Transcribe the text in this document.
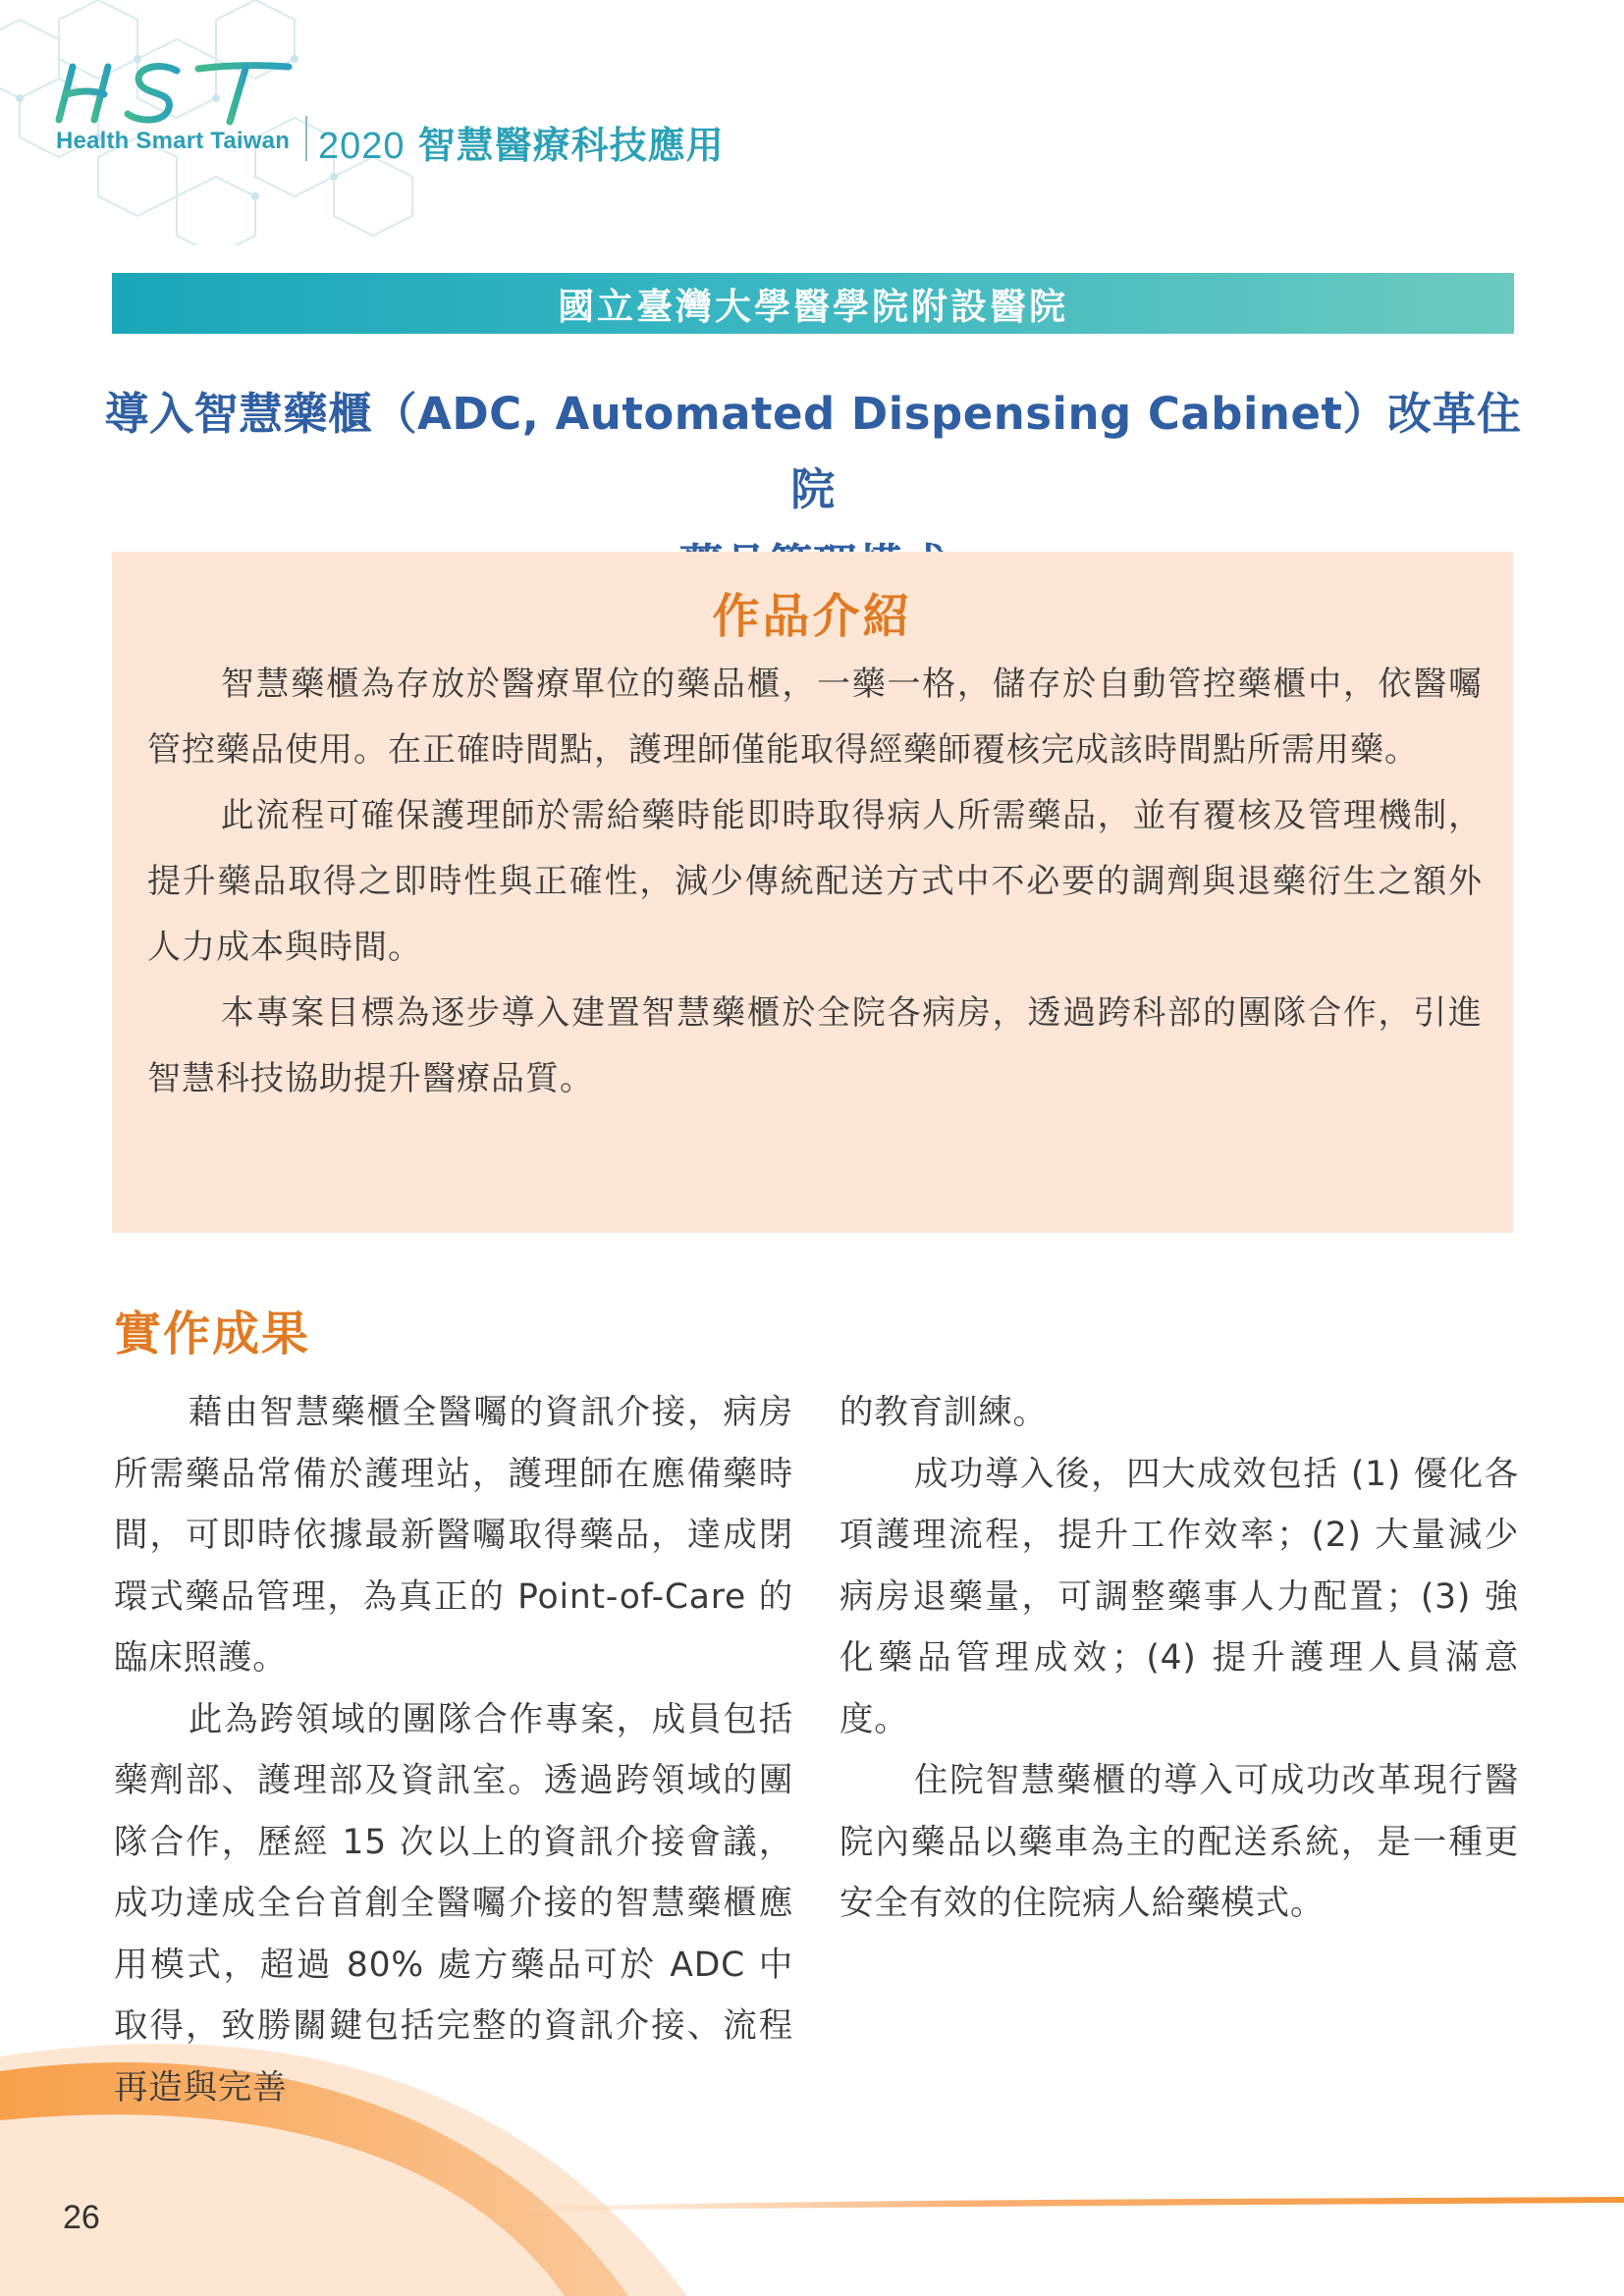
Health Smart Taiwan 2020 智慧醫療科技應用
國立臺灣大學醫學院附設醫院
導入智慧藥櫃（ADC, Automated Dispensing Cabinet）改革住院
作品介紹

智慧藥櫃為存放於醫療單位的藥品櫃，一藥一格，儲存於自動管控藥櫃中，依醫囑管控藥品使用。在正確時間點，護理師僅能取得經藥師覆核完成該時間點所需用藥。

此流程可確保護理師於需給藥時能即時取得病人所需藥品，並有覆核及管理機制，提升藥品取得之即時性與正確性，減少傳統配送方式中不必要的調劑與退藥衍生之額外人力成本與時間。

本專案目標為逐步導入建置智慧藥櫃於全院各病房，透過跨科部的團隊合作，引進智慧科技協助提升醫療品質。

實作成果

藉由智慧藥櫃全醫囑的資訊介接，病房所需藥品常備於護理站，護理師在應備藥時間，可即時依據最新醫囑取得藥品，達成閉環式藥品管理，為真正的 Point-of-Care 的臨床照護。

此為跨領域的團隊合作專案，成員包括藥劑部、護理部及資訊室。透過跨領域的團隊合作，歷經 15 次以上的資訊介接會議，成功達成全台首創全醫囑介接的智慧藥櫃應用模式，超過 80% 處方藥品可於 ADC 中取得，致勝關鍵包括完整的資訊介接、流程再造與完善

的教育訓練。

成功導入後，四大成效包括 (1) 優化各項護理流程，提升工作效率；(2) 大量減少病房退藥量，可調整藥事人力配置；(3) 強化藥品管理成效；(4) 提升護理人員滿意度。

住院智慧藥櫃的導入可成功改革現行醫院內藥品以藥車為主的配送系統，是一種更安全有效的住院病人給藥模式。

26
